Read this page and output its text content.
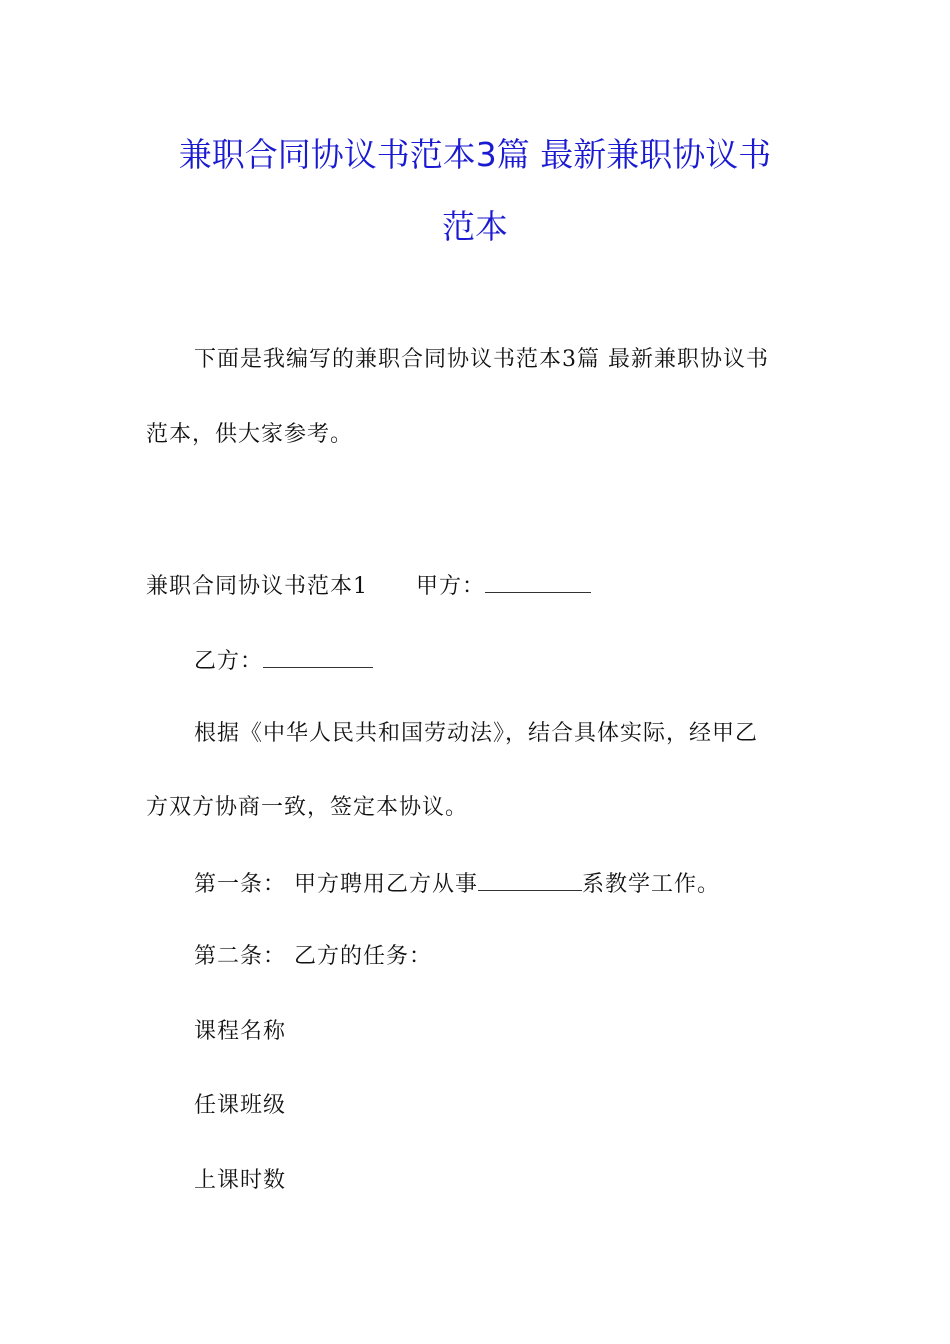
兼职合同协议书范本3篇 最新兼职协议书
范本
下面是我编写的兼职合同协议书范本3篇 最新兼职协议书
范本，供大家参考。
兼职合同协议书范本1 甲方：
乙方：
根据《中华人民共和国劳动法》，结合具体实际，经甲乙
方双方协商一致，签定本协议。
第一条： 甲方聘用乙方从事	系教学工作。
第二条： 乙方的任务：
课程名称
任课班级
上课时数
